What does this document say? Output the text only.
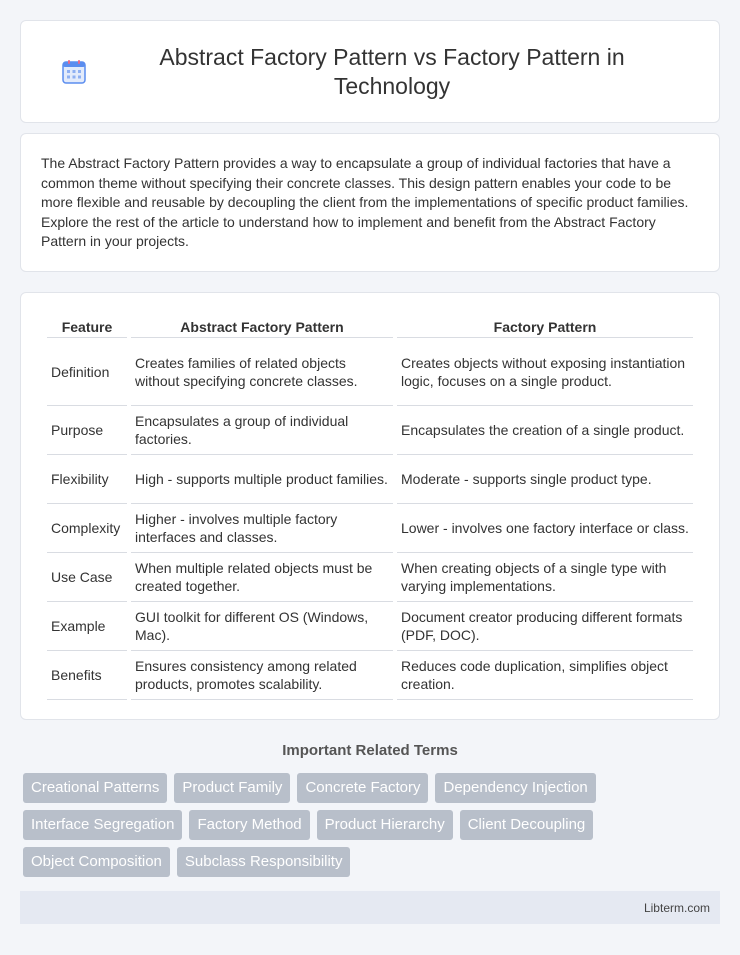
Abstract Factory Pattern vs Factory Pattern in Technology

The Abstract Factory Pattern provides a way to encapsulate a group of individual factories that have a common theme without specifying their concrete classes. This design pattern enables your code to be more flexible and reusable by decoupling the client from the implementations of specific product families. Explore the rest of the article to understand how to implement and benefit from the Abstract Factory Pattern in your projects.

Feature	Abstract Factory Pattern	Factory Pattern
Definition	Creates families of related objects without specifying concrete classes.	Creates objects without exposing instantiation logic, focuses on a single product.
Purpose	Encapsulates a group of individual factories.	Encapsulates the creation of a single product.
Flexibility	High - supports multiple product families.	Moderate - supports single product type.
Complexity	Higher - involves multiple factory interfaces and classes.	Lower - involves one factory interface or class.
Use Case	When multiple related objects must be created together.	When creating objects of a single type with varying implementations.
Example	GUI toolkit for different OS (Windows, Mac).	Document creator producing different formats (PDF, DOC).
Benefits	Ensures consistency among related products, promotes scalability.	Reduces code duplication, simplifies object creation.
Important Related Terms
Creational Patterns	Product Family	Concrete Factory	Dependency Injection
Interface Segregation	Factory Method	Product Hierarchy	Client Decoupling
Object Composition	Subclass Responsibility
Libterm.com
